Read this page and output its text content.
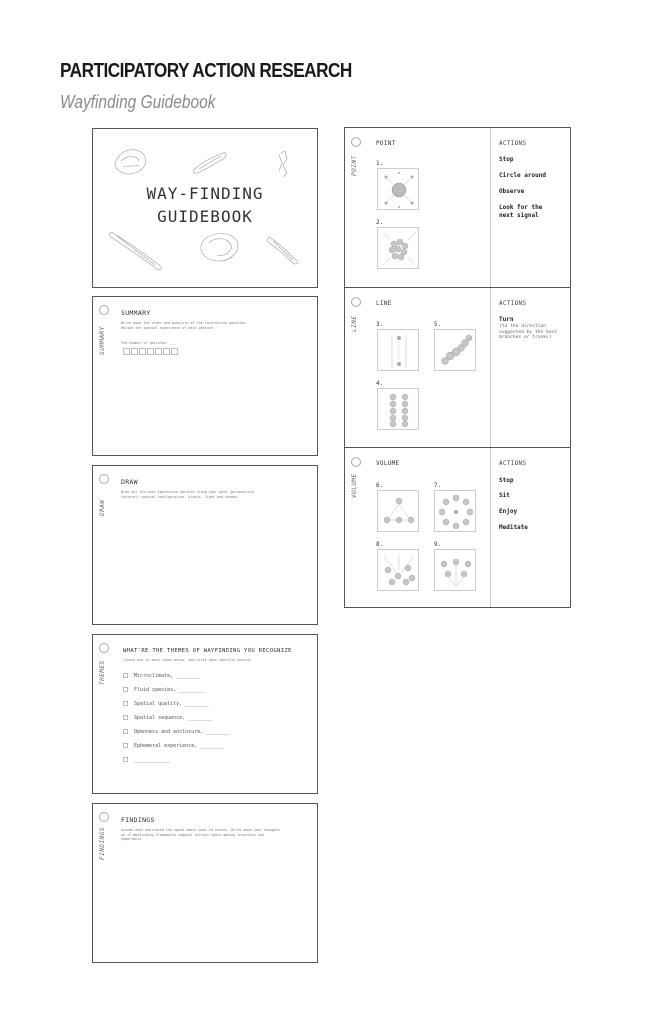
PARTICIPATORY ACTION RESEARCH
Wayfinding Guidebook
WAY-FINDING
GUIDEBOOK
SUMMARY
SUMMARY
Write down the order and quantity of the interactive gestures. Decide the spatial experience of each gesture
The number of gestures: ___
DRAW
DRAW
Draw out the most impressive gesture along your path (perspective, texture): spatial configuration, plants, light and shadow
THEMES
WHAT'RE THE THEMES OF WAYFINDING YOU RECOGNIZE
(Check one or more types below, and write down specific points)
Microclimate, ________
Fluid species, ________
Spatial quality, ________
Spatial sequence, ________
Openness and enclosure, ________
Ephemeral experience, ________
____________
FINDINGS
FINDINGS
Assume what motivated the space-maker want to convey. Write down your thoughts on if Wayfinding frameworks suggest certain space-making intention and experience
POINT
POINT
1.
2.
ACTIONS
Stop
Circle around
Observe
Look for the
next signal
LINE
LINE
3.	5.
4.
ACTIONS
Turn
(to the direction suggested by the bent branches or trunks)
VOLUME
VOLUME
6.	7.
8.	9.
ACTIONS
Stop
Sit
Enjoy
Meditate
